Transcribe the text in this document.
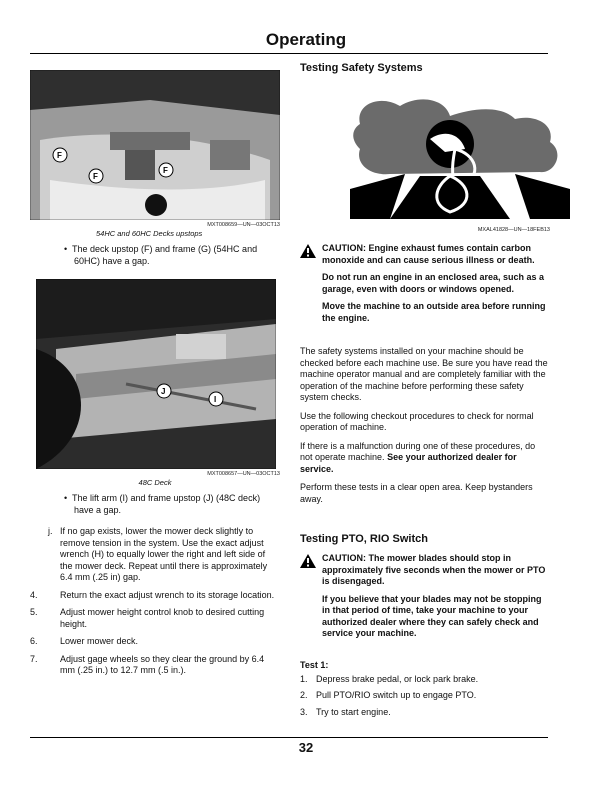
Operating
F
F
F
MXT008659—UN—03OCT13
54HC and 60HC Decks upstops

•  The deck upstop (F) and frame (G) (54HC and 60HC) have a gap.

J
I
MXT008657—UN—03OCT13
48C Deck

•  The lift arm (I) and frame upstop (J) (48C deck) have a gap.

j. If no gap exists, lower the mower deck slightly to remove tension in the system. Use the exact adjust wrench (H) to equally lower the right and left side of the mower deck. Repeat until there is approximately 6.4 mm (.25 in) gap.
4. Return the exact adjust wrench to its storage location.
5. Adjust mower height control knob to desired cutting height.
6. Lower mower deck.
7. Adjust gage wheels so they clear the ground by 6.4 mm (.25 in.) to 12.7 mm (.5 in.).
Testing Safety Systems
MXAL41828—UN—18FEB13

CAUTION: Engine exhaust fumes contain carbon monoxide and can cause serious illness or death.

Do not run an engine in an enclosed area, such as a garage, even with doors or windows opened.

Move the machine to an outside area before running the engine.

The safety systems installed on your machine should be checked before each machine use. Be sure you have read the machine operator manual and are completely familiar with the operation of the machine before performing these safety system checks.

Use the following checkout procedures to check for normal operation of machine.

If there is a malfunction during one of these procedures, do not operate machine. See your authorized dealer for service.

Perform these tests in a clear open area. Keep bystanders away.

Testing PTO, RIO Switch

CAUTION: The mower blades should stop in approximately five seconds when the mower or PTO is disengaged.

If you believe that your blades may not be stopping in that period of time, take your machine to your authorized dealer where they can safely check and service your machine.

Test 1:

1. Depress brake pedal, or lock park brake.
2. Pull PTO/RIO switch up to engage PTO.
3. Try to start engine.
32
